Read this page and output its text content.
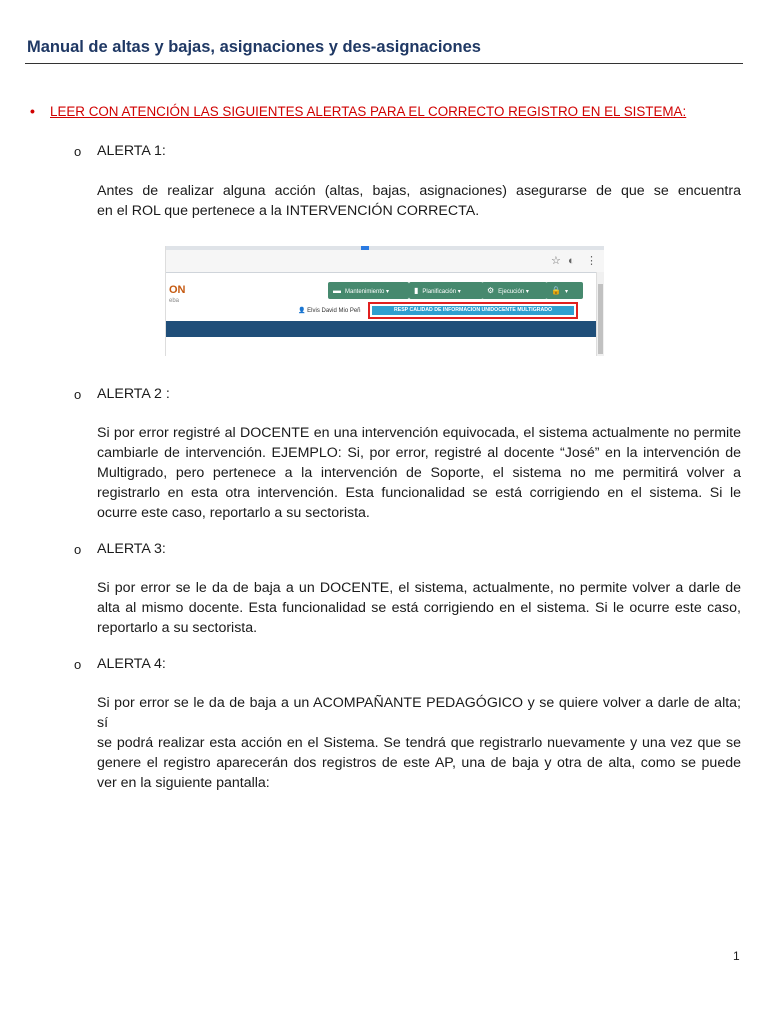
Manual de altas y bajas, asignaciones y des-asignaciones
• LEER CON ATENCIÓN LAS SIGUIENTES ALERTAS PARA EL CORRECTO REGISTRO EN EL SISTEMA:
o ALERTA 1:
Antes de realizar alguna acción (altas, bajas, asignaciones) asegurarse de que se encuentra
en el ROL que pertenece a la INTERVENCIÓN CORRECTA.
☆ ◐ ⋮
ON
eba
▬ Mantenimiento ▾	▮ Planificación ▾	⚙ Ejecución ▾	🔒 ▾
👤 Elvis David Mio Peñ	RESP CALIDAD DE INFORMACION UNIDOCENTE MULTIGRADO
o ALERTA 2 :
Si por error registré al DOCENTE en una intervención equivocada, el sistema actualmente no permite
cambiarle de intervención. EJEMPLO: Si, por error, registré al docente “José” en la intervención de
Multigrado, pero pertenece a la intervención de Soporte, el sistema no me permitirá volver a
registrarlo en esta otra intervención. Esta funcionalidad se está corrigiendo en el sistema. Si le
ocurre este caso, reportarlo a su sectorista.
o ALERTA 3:
Si por error se le da de baja a un DOCENTE, el sistema, actualmente, no permite volver a darle de
alta al mismo docente. Esta funcionalidad se está corrigiendo en el sistema. Si le ocurre este caso,
reportarlo a su sectorista.
o ALERTA 4:
Si por error se le da de baja a un ACOMPAÑANTE PEDAGÓGICO y se quiere volver a darle de alta; sí
se podrá realizar esta acción en el Sistema. Se tendrá que registrarlo nuevamente y una vez que se
genere el registro aparecerán dos registros de este AP, una de baja y otra de alta, como se puede
ver en la siguiente pantalla:
1
